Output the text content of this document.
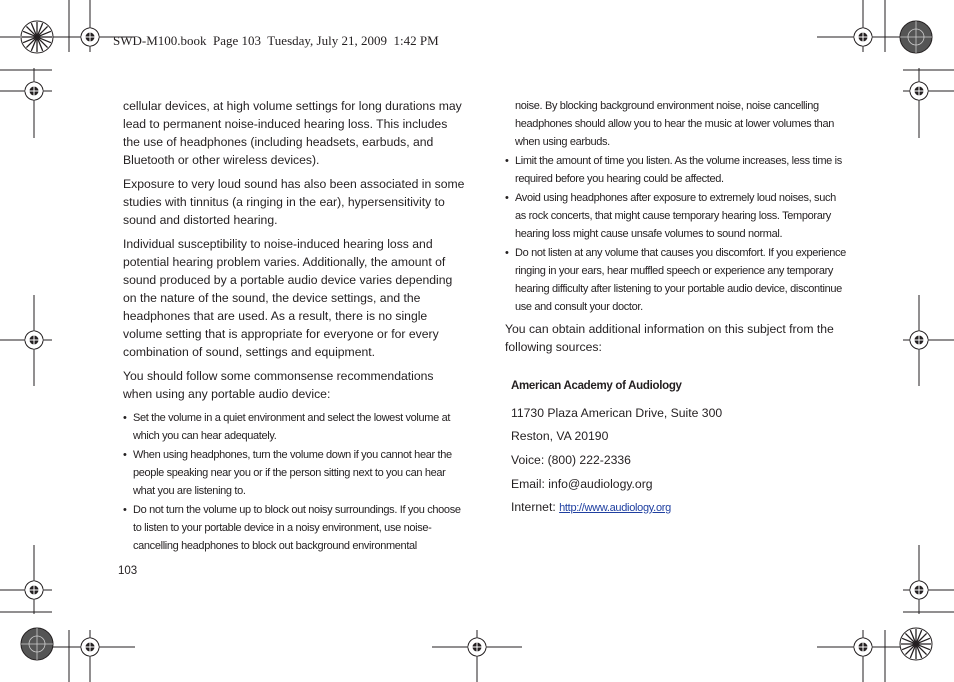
SWD-M100.book  Page 103  Tuesday, July 21, 2009  1:42 PM

cellular devices, at high volume settings for long durations may lead to permanent noise-induced hearing loss. This includes the use of headphones (including headsets, earbuds, and Bluetooth or other wireless devices).

Exposure to very loud sound has also been associated in some studies with tinnitus (a ringing in the ear), hypersensitivity to sound and distorted hearing.

Individual susceptibility to noise-induced hearing loss and potential hearing problem varies. Additionally, the amount of sound produced by a portable audio device varies depending on the nature of the sound, the device settings, and the headphones that are used. As a result, there is no single volume setting that is appropriate for everyone or for every combination of sound, settings and equipment.

You should follow some commonsense recommendations when using any portable audio device:

• Set the volume in a quiet environment and select the lowest volume at which you can hear adequately.
• When using headphones, turn the volume down if you cannot hear the people speaking near you or if the person sitting next to you can hear what you are listening to.
• Do not turn the volume up to block out noisy surroundings. If you choose to listen to your portable device in a noisy environment, use noise-cancelling headphones to block out background environmental

noise. By blocking background environment noise, noise cancelling headphones should allow you to hear the music at lower volumes than when using earbuds.

• Limit the amount of time you listen. As the volume increases, less time is required before you hearing could be affected.
• Avoid using headphones after exposure to extremely loud noises, such as rock concerts, that might cause temporary hearing loss. Temporary hearing loss might cause unsafe volumes to sound normal.
• Do not listen at any volume that causes you discomfort. If you experience ringing in your ears, hear muffled speech or experience any temporary hearing difficulty after listening to your portable audio device, discontinue use and consult your doctor.

You can obtain additional information on this subject from the following sources:

American Academy of Audiology
11730 Plaza American Drive, Suite 300
Reston, VA 20190
Voice: (800) 222-2336
Email: info@audiology.org
Internet: http://www.audiology.org
103
